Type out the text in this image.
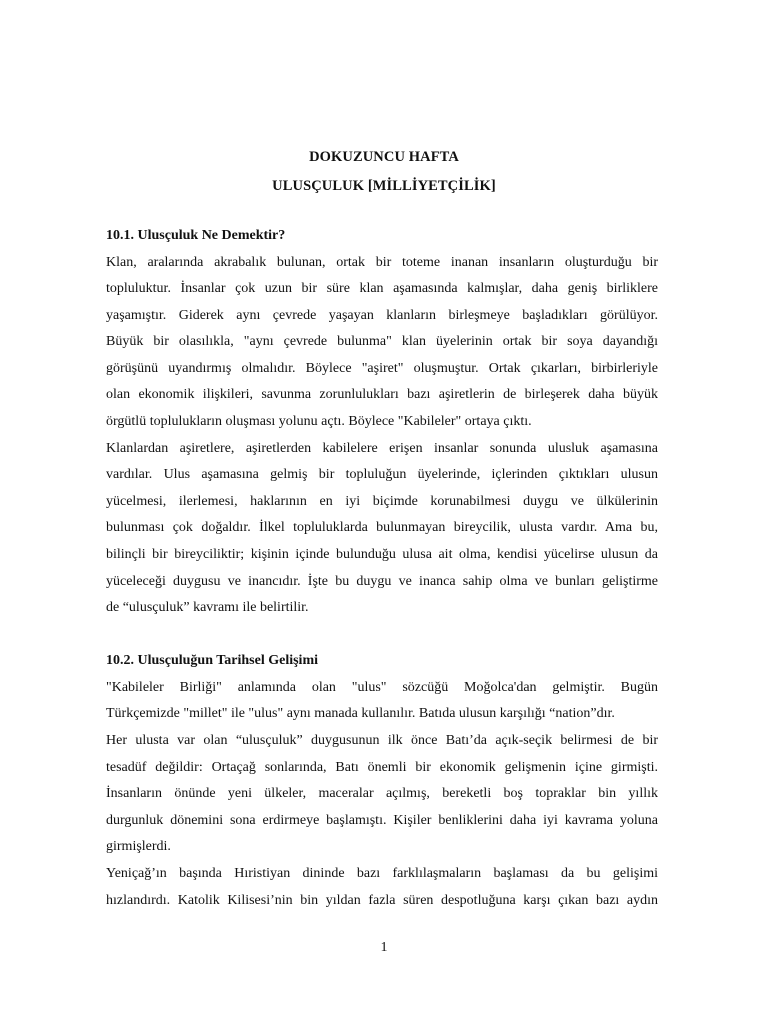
DOKUZUNCU HAFTA
ULUSÇULUK [MİLLİYETÇİLİK]
10.1. Ulusçuluk Ne Demektir?
Klan, aralarında akrabalık bulunan, ortak bir toteme inanan insanların oluşturduğu bir
topluluktur. İnsanlar çok uzun bir süre klan aşamasında kalmışlar, daha geniş birliklere
yaşamıştır. Giderek aynı çevrede yaşayan klanların birleşmeye başladıkları görülüyor.
Büyük bir olasılıkla, "aynı çevrede bulunma" klan üyelerinin ortak bir soya dayandığı
görüşünü uyandırmış olmalıdır. Böylece "aşiret" oluşmuştur. Ortak çıkarları, birbirleriyle
olan ekonomik ilişkileri, savunma zorunlulukları bazı aşiretlerin de birleşerek daha büyük
örgütlü toplulukların oluşması yolunu açtı. Böylece "Kabileler" ortaya çıktı.
Klanlardan aşiretlere, aşiretlerden kabilelere erişen insanlar sonunda ulusluk aşamasına
vardılar. Ulus aşamasına gelmiş bir topluluğun üyelerinde, içlerinden çıktıkları ulusun
yücelmesi, ilerlemesi, haklarının en iyi biçimde korunabilmesi duygu ve ülkülerinin
bulunması çok doğaldır. İlkel topluluklarda bulunmayan bireycilik, ulusta vardır. Ama bu,
bilinçli bir bireyciliktir; kişinin içinde bulunduğu ulusa ait olma, kendisi yücelirse ulusun da
yüceleceği duygusu ve inancıdır. İşte bu duygu ve inanca sahip olma ve bunları geliştirme
de “ulusçuluk” kavramı ile belirtilir.
10.2. Ulusçuluğun Tarihsel Gelişimi
"Kabileler Birliği" anlamında olan "ulus" sözcüğü Moğolca'dan gelmiştir. Bugün
Türkçemizde "millet" ile "ulus" aynı manada kullanılır. Batıda ulusun karşılığı “nation”dır.
Her ulusta var olan “ulusçuluk” duygusunun ilk önce Batı’da açık-seçik belirmesi de bir
tesadüf değildir: Ortaçağ sonlarında, Batı önemli bir ekonomik gelişmenin içine girmişti.
İnsanların önünde yeni ülkeler, maceralar açılmış, bereketli boş topraklar bin yıllık
durgunluk dönemini sona erdirmeye başlamıştı. Kişiler benliklerini daha iyi kavrama yoluna
girmişlerdi.
Yeniçağ’ın başında Hıristiyan dininde bazı farklılaşmaların başlaması da bu gelişimi
hızlandırdı. Katolik Kilisesi’nin bin yıldan fazla süren despotluğuna karşı çıkan bazı aydın
1
